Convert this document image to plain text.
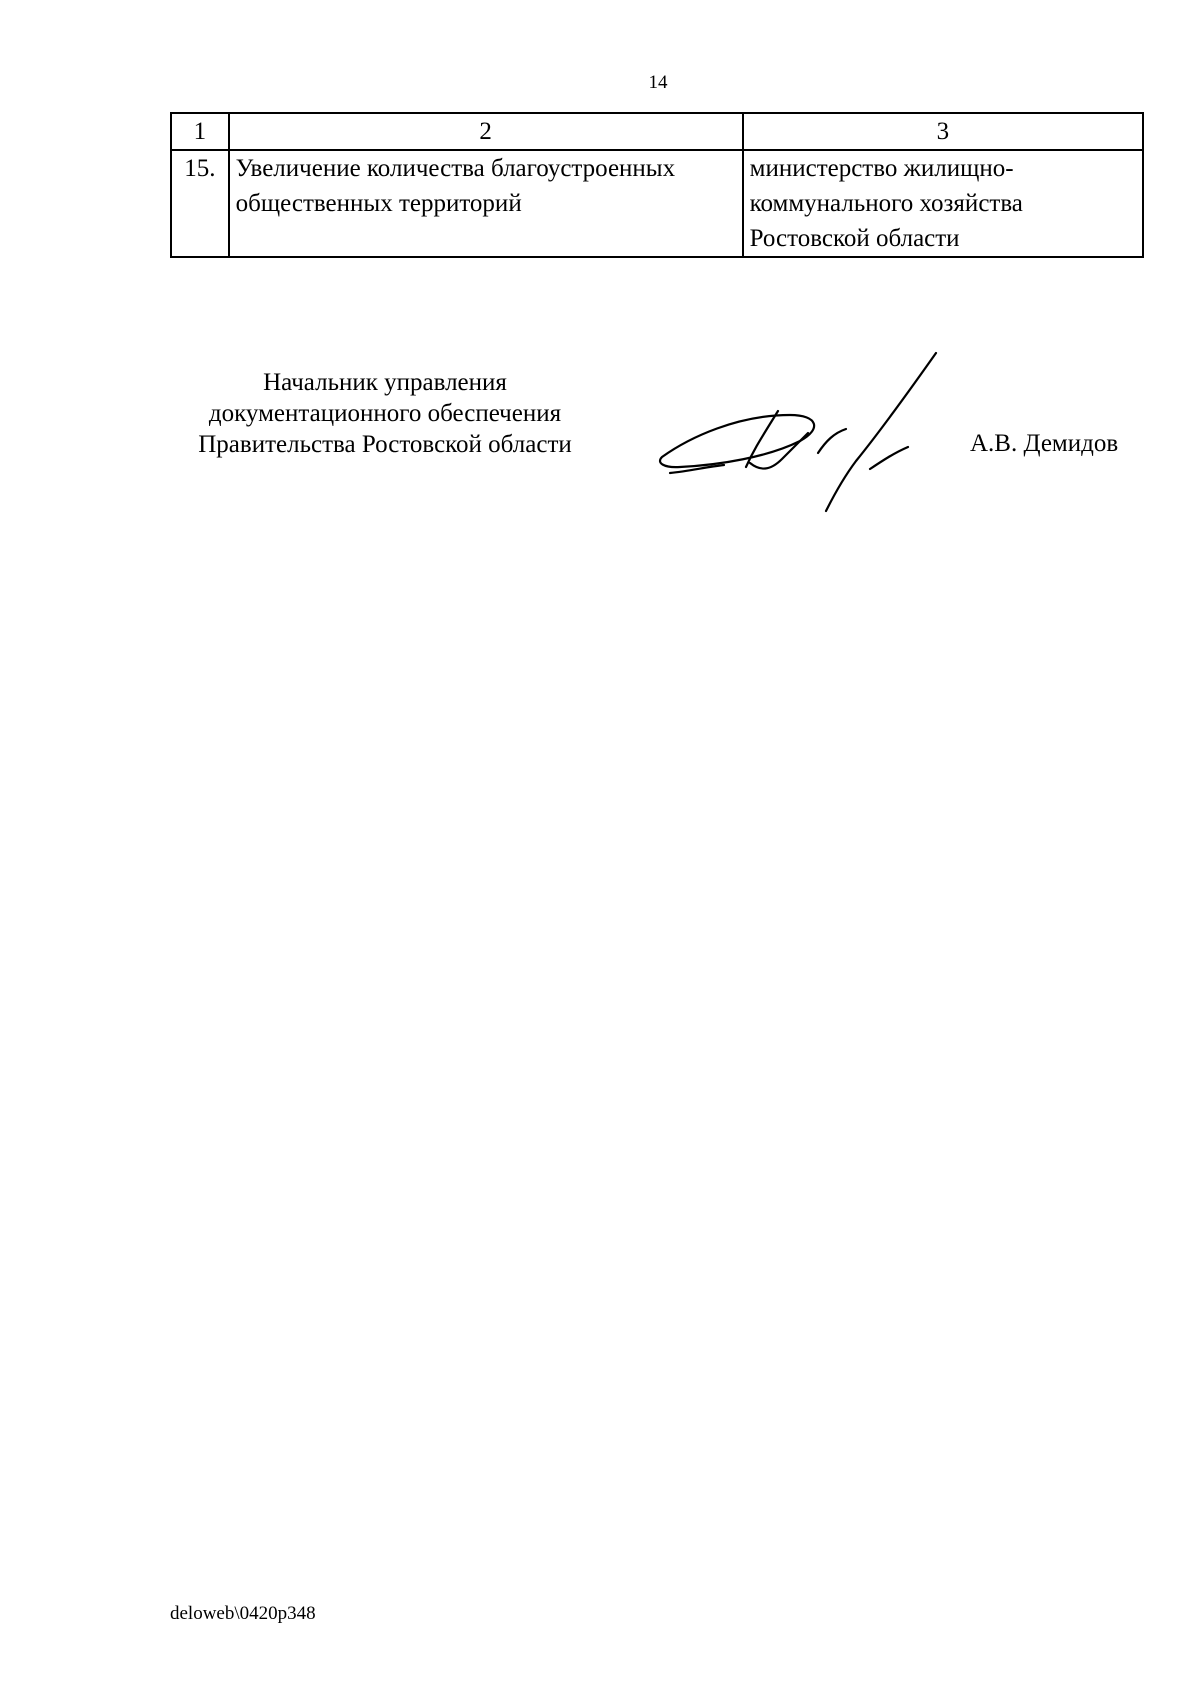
14
1	2	3
15.	Увеличение количества благоустроенных общественных территорий	министерство жилищно-коммунального хозяйства Ростовской области
Начальник управления
документационного обеспечения
Правительства Ростовской области	А.В. Демидов
deloweb\0420p348
